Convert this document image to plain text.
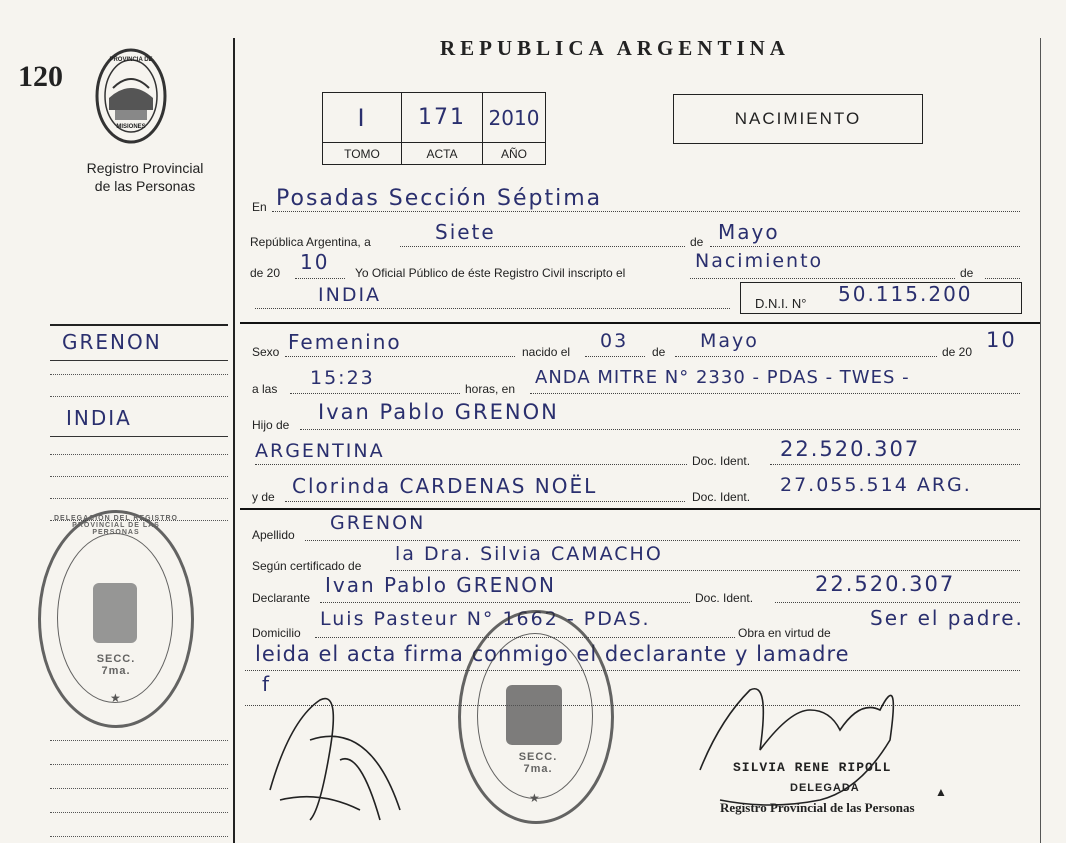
120	PROVINCIA DE
MISIONES
Registro Provincial
de las Personas
REPUBLICA ARGENTINA
I	171	2010
TOMO	ACTA	AÑO
NACIMIENTO
En Posadas Sección Séptima
República Argentina, a	Siete	de Mayo
de 20 10 Yo Oficial Público de éste Registro Civil inscripto el
Nacimiento
de
INDIA	D.N.I. N° 50.115.200
Sexo Femenino	nacido el 03 de Mayo	de 20 10
a las 15:23	horas, en
ANDA MITRE N° 2330 - PDAS - TWES -
Hijo de
Ivan Pablo GRENON
ARGENTINA	Doc. Ident. 22.520.307
y de Clorinda CARDENAS NOËL	Doc. Ident.
27.055.514 ARG.
Apellido
GRENON
Según certificado de
la Dra. Silvia CAMACHO
Declarante
Ivan Pablo GRENON
Doc. Ident.
22.520.307
Domicilio
Luis Pasteur N° 1662 - PDAS.
Obra en virtud de
Ser el padre.
leida el acta firma conmigo el declarante y lamadre
f
GRENON
INDIA
DELEGACION DEL REGISTRO PROVINCIAL DE LAS PERSONAS
SECC. 7ma.
★
SECC. 7ma.
★
SILVIA RENE RIPOLL
DELEGADA
Registro Provincial de las Personas
▲
